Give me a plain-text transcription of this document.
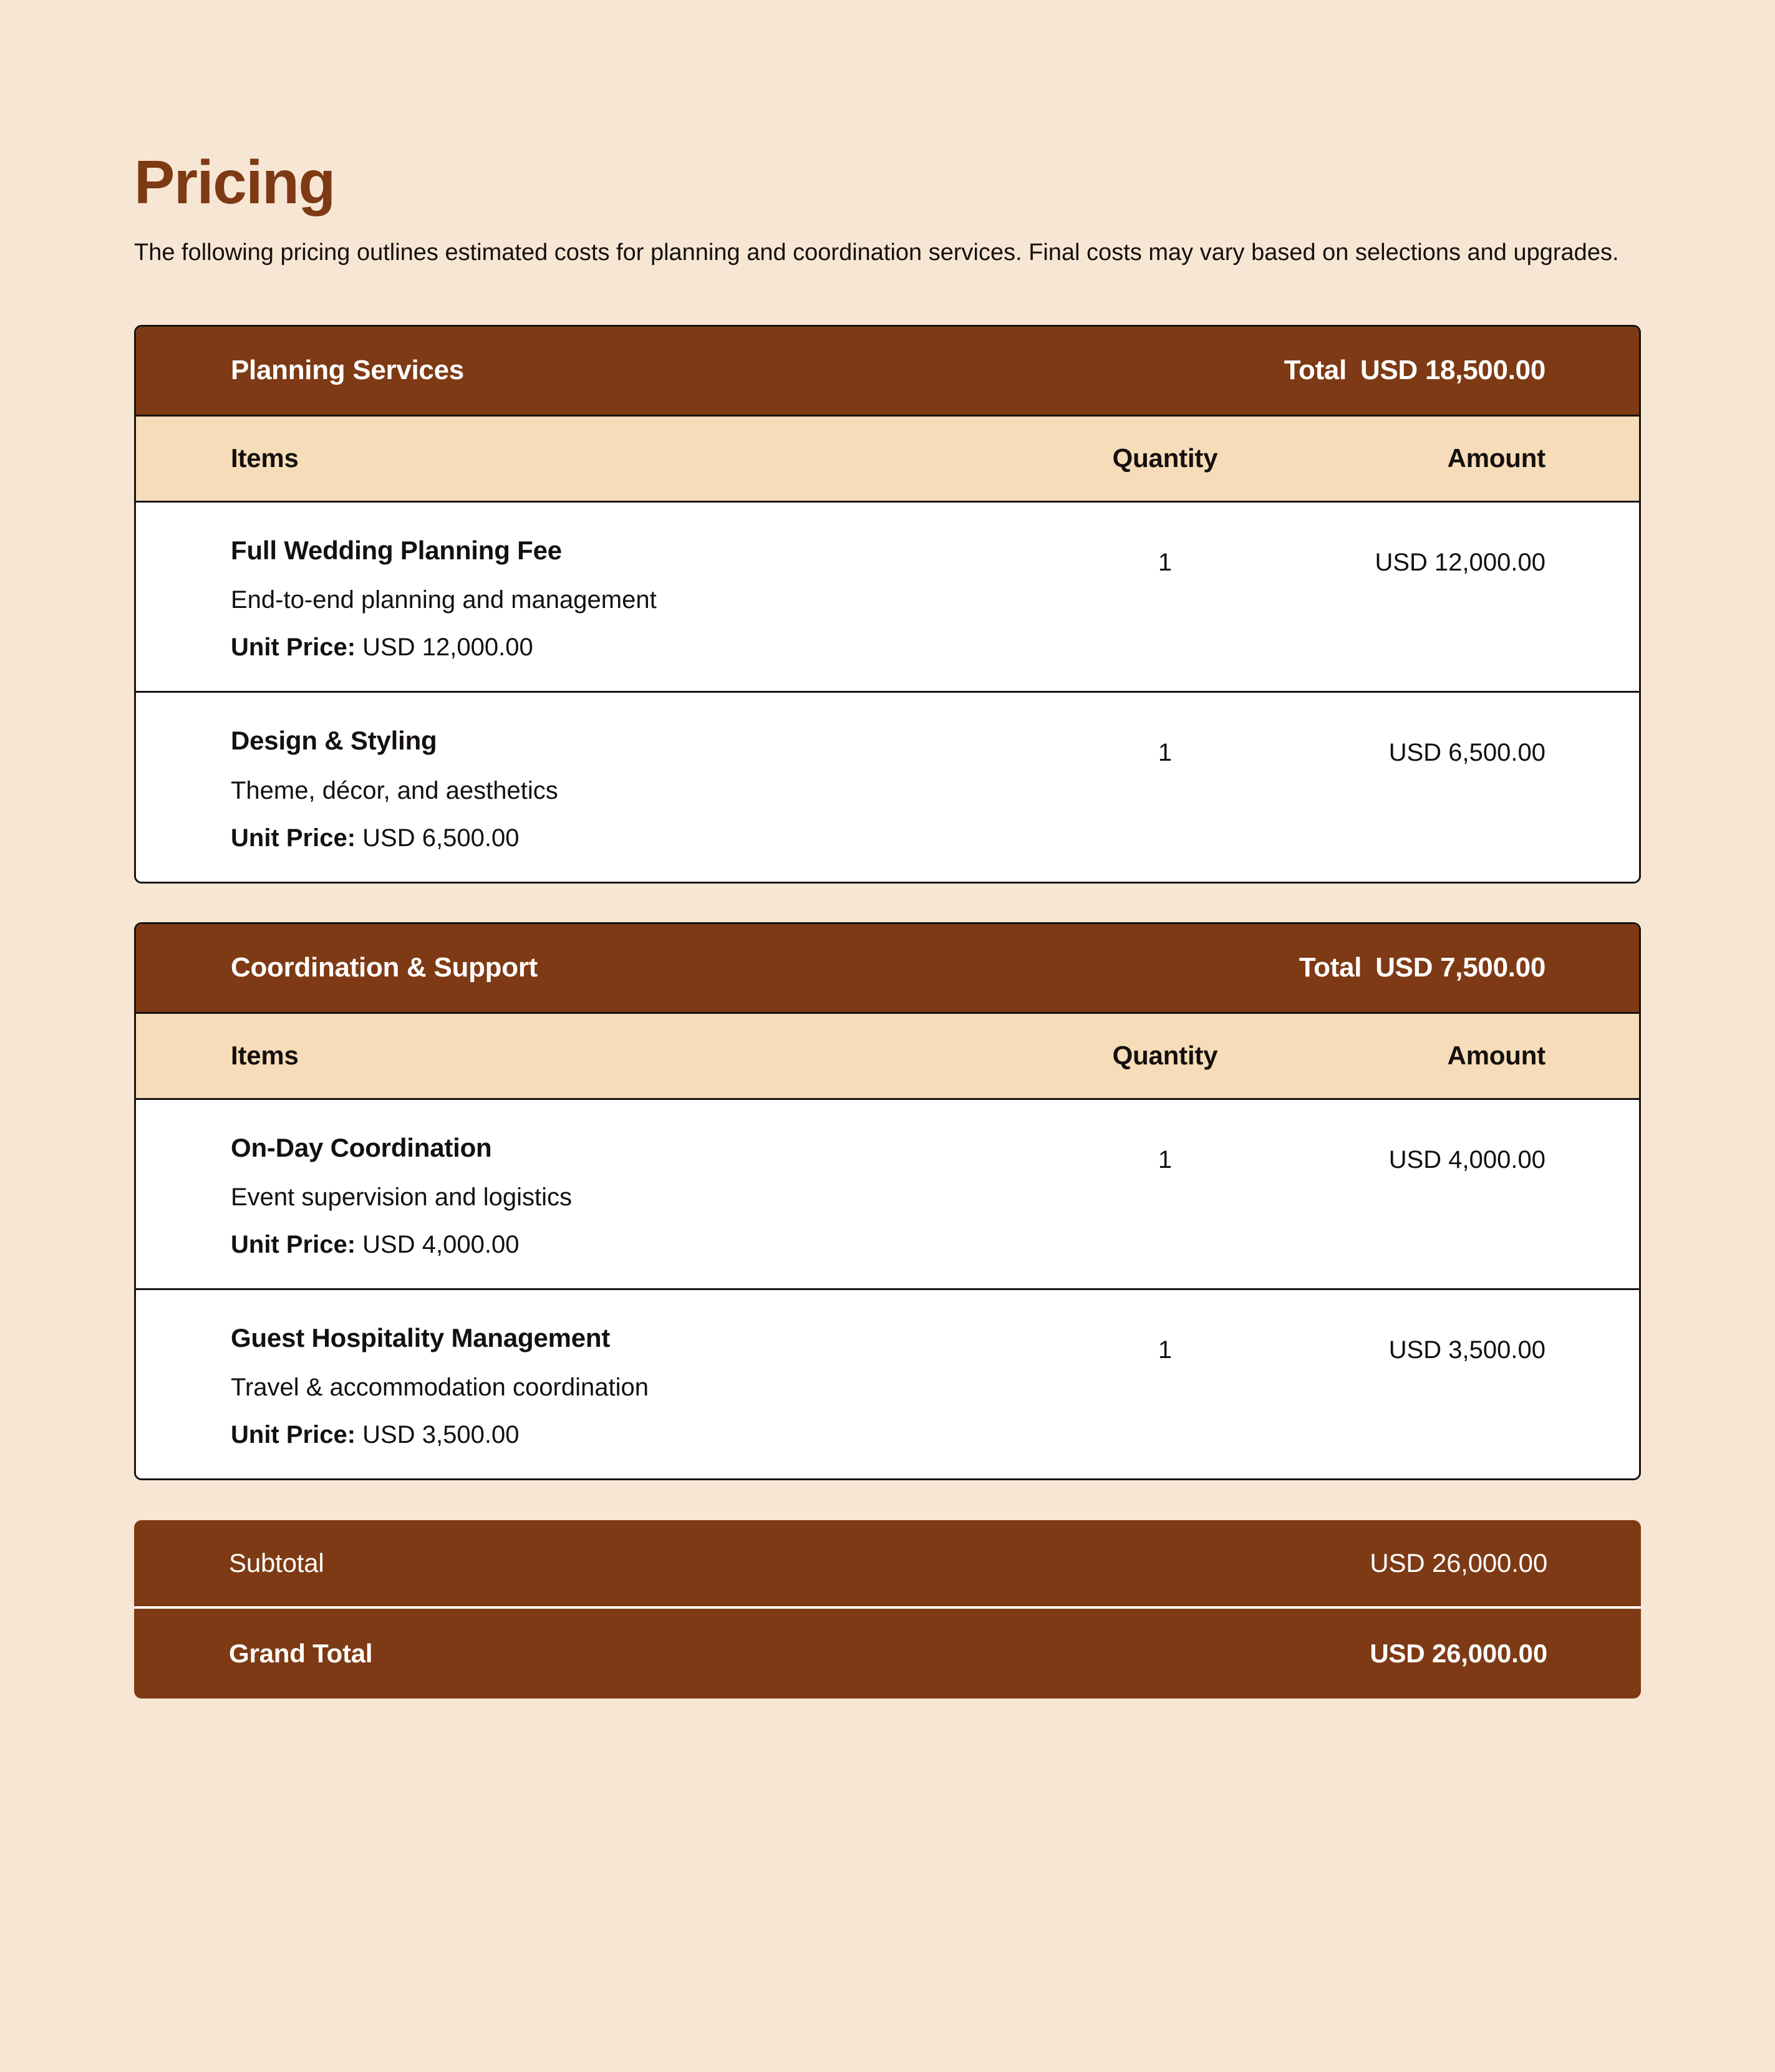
Pricing

The following pricing outlines estimated costs for planning and coordination services. Final costs may vary based on selections and upgrades.

Planning Services	Total USD 18,500.00
Items	Quantity	Amount
Full Wedding Planning Fee
End-to-end planning and management
Unit Price: USD 12,000.00
1	USD 12,000.00
Design & Styling
Theme, décor, and aesthetics
Unit Price: USD 6,500.00
1	USD 6,500.00
Coordination & Support	Total USD 7,500.00
Items	Quantity	Amount
On-Day Coordination
Event supervision and logistics
Unit Price: USD 4,000.00
1	USD 4,000.00
Guest Hospitality Management
Travel & accommodation coordination
Unit Price: USD 3,500.00
1	USD 3,500.00
Subtotal	USD 26,000.00
Grand Total	USD 26,000.00
